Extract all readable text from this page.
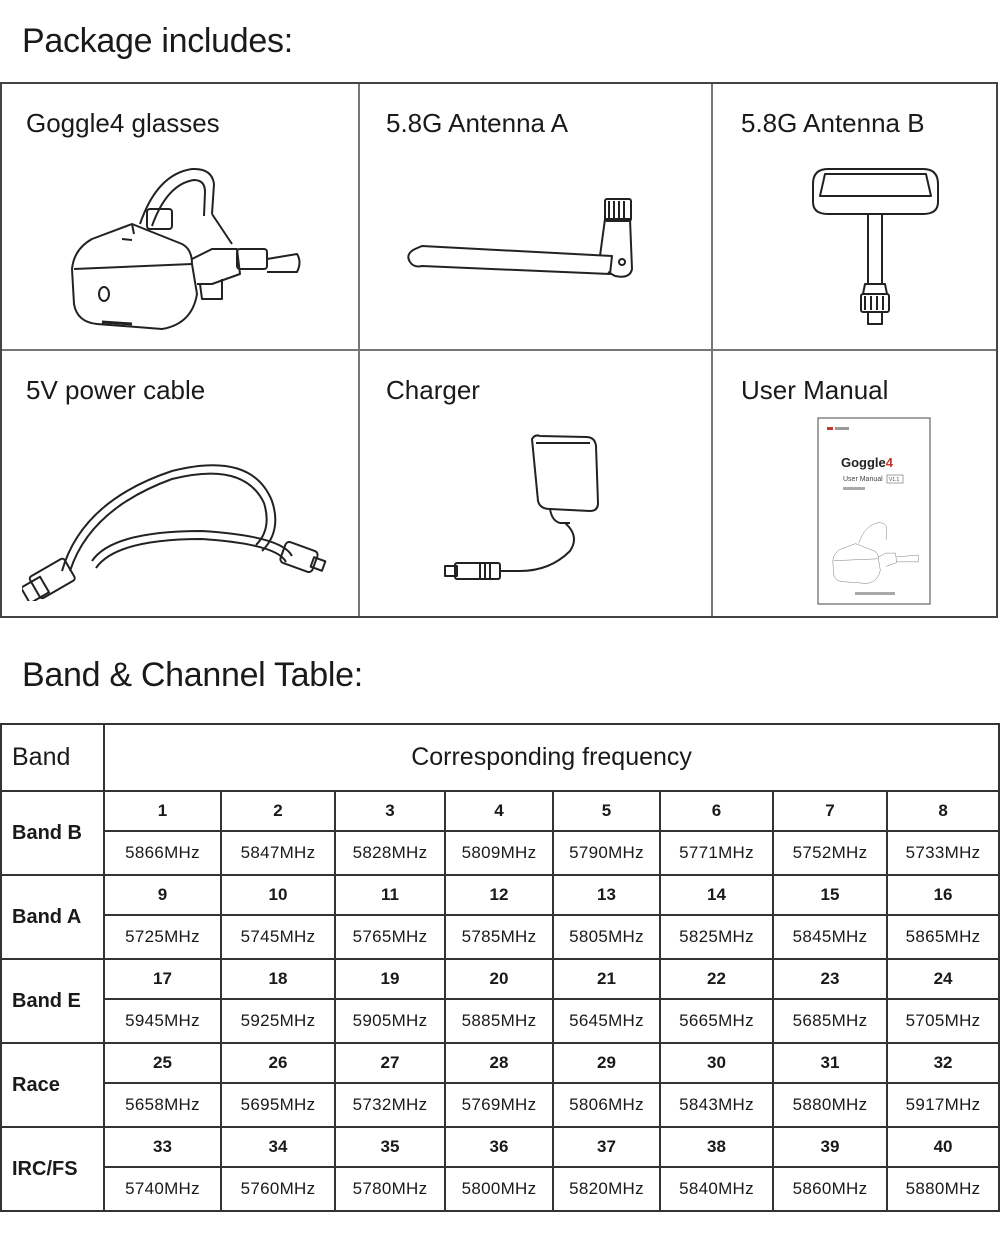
Package includes:
Goggle4 glasses	5.8G Antenna A	5.8G Antenna B
5V power cable	Charger	User Manual
Goggle4
User Manual V1.1
Band & Channel Table:
Band	Corresponding frequency							
Band B	1	2	3	4	5	6	7	8
	5866MHz	5847MHz	5828MHz	5809MHz	5790MHz	5771MHz	5752MHz	5733MHz
Band A	9	10	11	12	13	14	15	16
	5725MHz	5745MHz	5765MHz	5785MHz	5805MHz	5825MHz	5845MHz	5865MHz
Band E	17	18	19	20	21	22	23	24
	5945MHz	5925MHz	5905MHz	5885MHz	5645MHz	5665MHz	5685MHz	5705MHz
Race	25	26	27	28	29	30	31	32
	5658MHz	5695MHz	5732MHz	5769MHz	5806MHz	5843MHz	5880MHz	5917MHz
IRC/FS	33	34	35	36	37	38	39	40
	5740MHz	5760MHz	5780MHz	5800MHz	5820MHz	5840MHz	5860MHz	5880MHz
